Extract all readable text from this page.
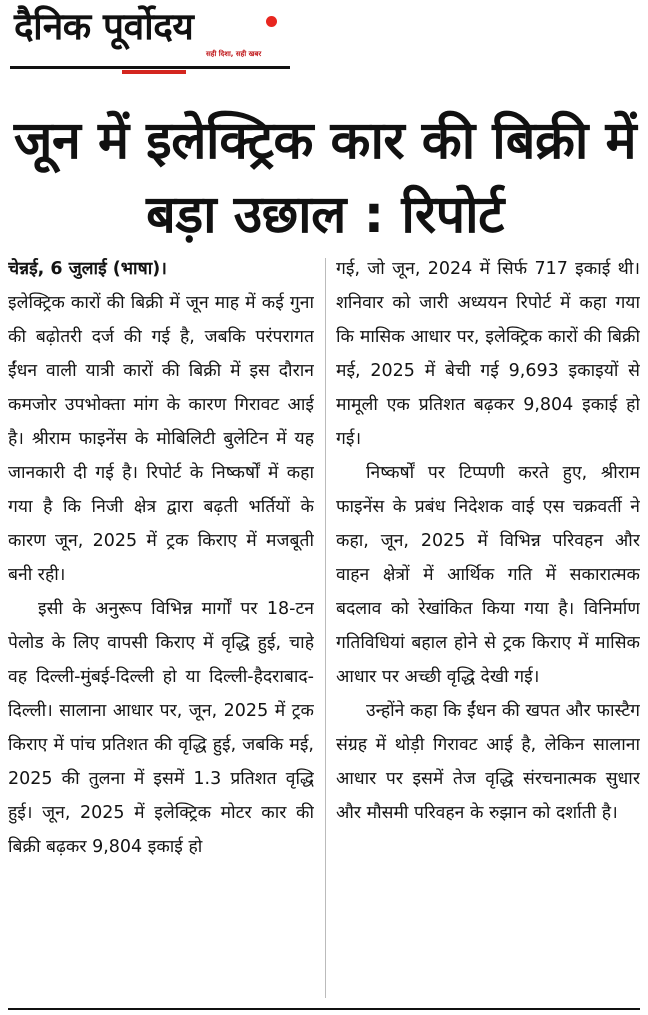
दैनिक पूर्वोदय
सही दिशा, सही खबर
जून में इलेक्ट्रिक कार की बिक्री में बड़ा उछाल : रिपोर्ट

चेन्नई, 6 जुलाई (भाषा)।
इलेक्ट्रिक कारों की बिक्री में जून माह में कई गुना की बढ़ोतरी दर्ज की गई है, जबकि परंपरागत ईंधन वाली यात्री कारों की बिक्री में इस दौरान कमजोर उपभोक्ता मांग के कारण गिरावट आई है। श्रीराम फाइनेंस के मोबिलिटी बुलेटिन में यह जानकारी दी गई है। रिपोर्ट के निष्कर्षों में कहा गया है कि निजी क्षेत्र द्वारा बढ़ती भर्तियों के कारण जून, 2025 में ट्रक किराए में मजबूती बनी रही।

इसी के अनुरूप विभिन्न मार्गों पर 18-टन पेलोड के लिए वापसी किराए में वृद्धि हुई, चाहे वह दिल्ली-मुंबई-दिल्ली हो या दिल्ली-हैदराबाद-दिल्ली। सालाना आधार पर, जून, 2025 में ट्रक किराए में पांच प्रतिशत की वृद्धि हुई, जबकि मई, 2025 की तुलना में इसमें 1.3 प्रतिशत वृद्धि हुई। जून, 2025 में इलेक्ट्रिक मोटर कार की बिक्री बढ़कर 9,804 इकाई हो

गई, जो जून, 2024 में सिर्फ 717 इकाई थी। शनिवार को जारी अध्ययन रिपोर्ट में कहा गया कि मासिक आधार पर, इलेक्ट्रिक कारों की बिक्री मई, 2025 में बेची गई 9,693 इकाइयों से मामूली एक प्रतिशत बढ़कर 9,804 इकाई हो गई।

निष्कर्षों पर टिप्पणी करते हुए, श्रीराम फाइनेंस के प्रबंध निदेशक वाई एस चक्रवर्ती ने कहा, जून, 2025 में विभिन्न परिवहन और वाहन क्षेत्रों में आर्थिक गति में सकारात्मक बदलाव को रेखांकित किया गया है। विनिर्माण गतिविधियां बहाल होने से ट्रक किराए में मासिक आधार पर अच्छी वृद्धि देखी गई।

उन्होंने कहा कि ईंधन की खपत और फास्टैग संग्रह में थोड़ी गिरावट आई है, लेकिन सालाना आधार पर इसमें तेज वृद्धि संरचनात्मक सुधार और मौसमी परिवहन के रुझान को दर्शाती है।
